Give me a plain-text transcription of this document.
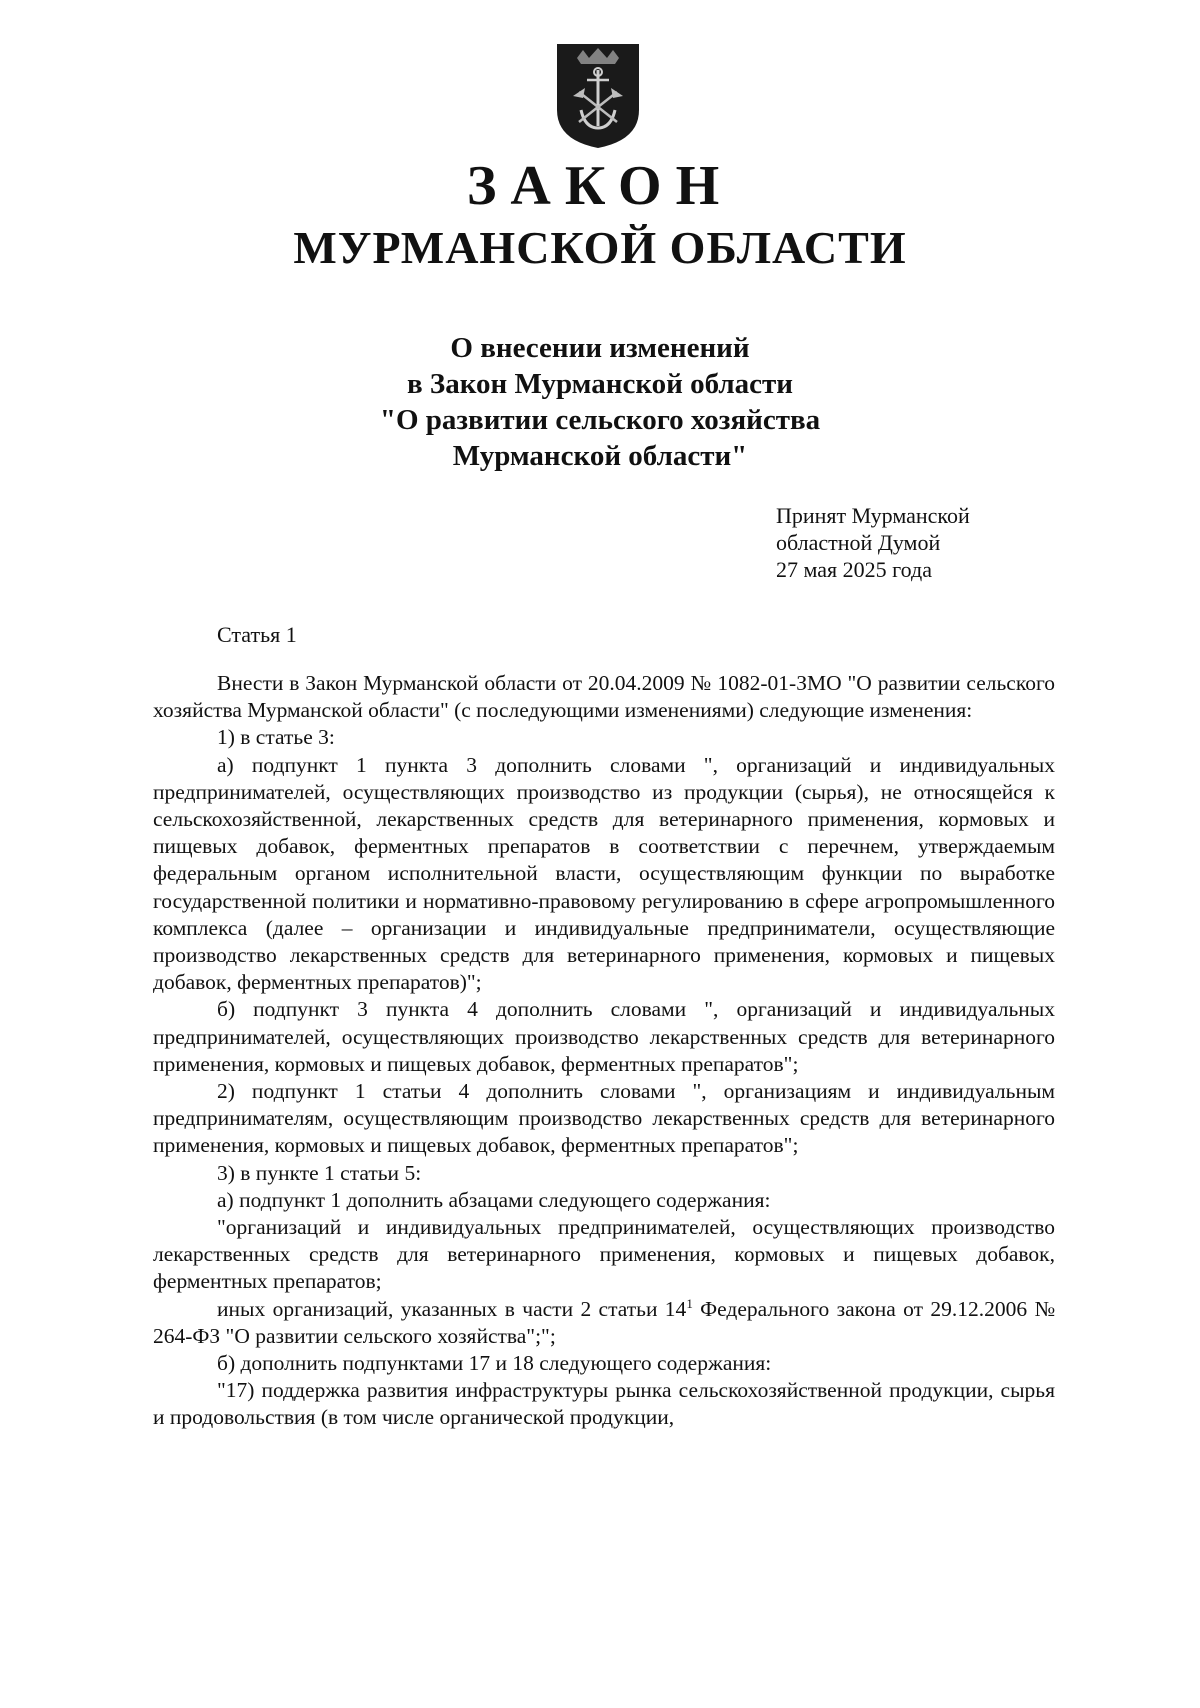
ЗАКОН
МУРМАНСКОЙ ОБЛАСТИ
О внесении изменений
в Закон Мурманской области
"О развитии сельского хозяйства
Мурманской области"
Принят Мурманской
областной Думой
27 мая 2025 года
Статья 1

Внести в Закон Мурманской области от 20.04.2009 № 1082-01-ЗМО "О развитии сельского хозяйства Мурманской области" (с последующими изменениями) следующие изменения:

1) в статье 3:

а) подпункт 1 пункта 3 дополнить словами ", организаций и индивидуальных предпринимателей, осуществляющих производство из продукции (сырья), не относящейся к сельскохозяйственной, лекарственных средств для ветеринарного применения, кормовых и пищевых добавок, ферментных препаратов в соответствии с перечнем, утверждаемым федеральным органом исполнительной власти, осуществляющим функции по выработке государственной политики и нормативно-правовому регулированию в сфере агропромышленного комплекса (далее – организации и индивидуальные предприниматели, осуществляющие производство лекарственных средств для ветеринарного применения, кормовых и пищевых добавок, ферментных препаратов)";

б) подпункт 3 пункта 4 дополнить словами ", организаций и индивидуальных предпринимателей, осуществляющих производство лекарственных средств для ветеринарного применения, кормовых и пищевых добавок, ферментных препаратов";

2) подпункт 1 статьи 4 дополнить словами ", организациям и индивидуальным предпринимателям, осуществляющим производство лекарственных средств для ветеринарного применения, кормовых и пищевых добавок, ферментных препаратов";

3) в пункте 1 статьи 5:

а) подпункт 1 дополнить абзацами следующего содержания:

"организаций и индивидуальных предпринимателей, осуществляющих производство лекарственных средств для ветеринарного применения, кормовых и пищевых добавок, ферментных препаратов;

иных организаций, указанных в части 2 статьи $14^1$ Федерального закона от 29.12.2006 № 264-ФЗ "О развитии сельского хозяйства";";

б) дополнить подпунктами 17 и 18 следующего содержания:

"17) поддержка развития инфраструктуры рынка сельскохозяйственной продукции, сырья и продовольствия (в том числе органической продукции,
